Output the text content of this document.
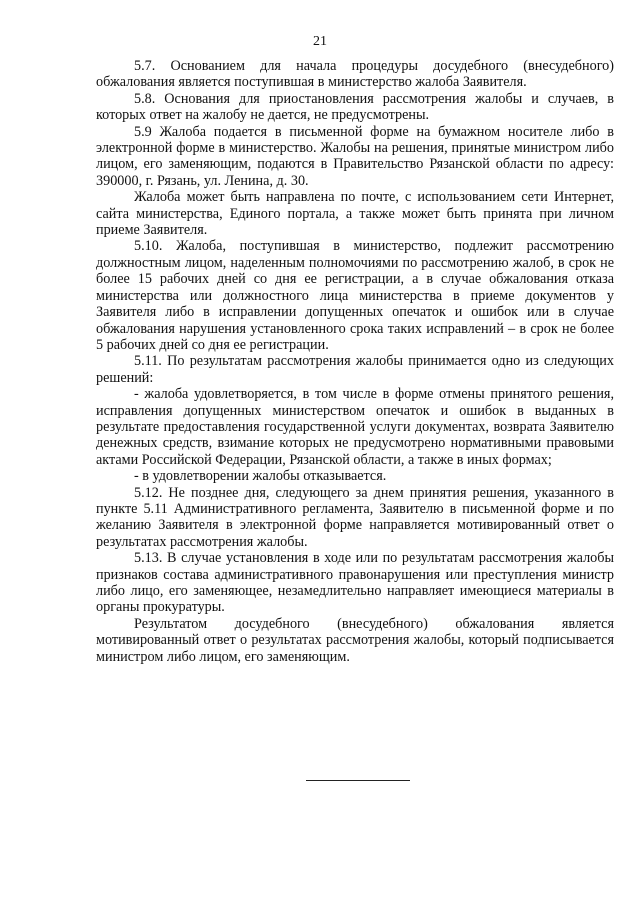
21

5.7. Основанием для начала процедуры досудебного (внесудебного) обжалования является поступившая в министерство жалоба Заявителя.

5.8. Основания для приостановления рассмотрения жалобы и случаев, в которых ответ на жалобу не дается, не предусмотрены.

5.9 Жалоба подается в письменной форме на бумажном носителе либо в электронной форме в министерство. Жалобы на решения, принятые министром либо лицом, его заменяющим, подаются в Правительство Рязанской области по адресу: 390000, г. Рязань, ул. Ленина, д. 30.

Жалоба может быть направлена по почте, с использованием сети Интернет, сайта министерства, Единого портала, а также может быть принята при личном приеме Заявителя.

5.10. Жалоба, поступившая в министерство, подлежит рассмотрению должностным лицом, наделенным полномочиями по рассмотрению жалоб, в срок не более 15 рабочих дней со дня ее регистрации, а в случае обжалования отказа министерства или должностного лица министерства в приеме документов у Заявителя либо в исправлении допущенных опечаток и ошибок или в случае обжалования нарушения установленного срока таких исправлений – в срок не более 5 рабочих дней со дня ее регистрации.

5.11. По результатам рассмотрения жалобы принимается одно из следующих решений:

- жалоба удовлетворяется, в том числе в форме отмены принятого решения, исправления допущенных министерством опечаток и ошибок в выданных в результате предоставления государственной услуги документах, возврата Заявителю денежных средств, взимание которых не предусмотрено нормативными правовыми актами Российской Федерации, Рязанской области, а также в иных формах;

- в удовлетворении жалобы отказывается.

5.12. Не позднее дня, следующего за днем принятия решения, указанного в пункте 5.11 Административного регламента, Заявителю в письменной форме и по желанию Заявителя в электронной форме направляется мотивированный ответ о результатах рассмотрения жалобы.

5.13. В случае установления в ходе или по результатам рассмотрения жалобы признаков состава административного правонарушения или преступления министр либо лицо, его заменяющее, незамедлительно направляет имеющиеся материалы в органы прокуратуры.

Результатом досудебного (внесудебного) обжалования является мотивированный ответ о результатах рассмотрения жалобы, который подписывается министром либо лицом, его заменяющим.
